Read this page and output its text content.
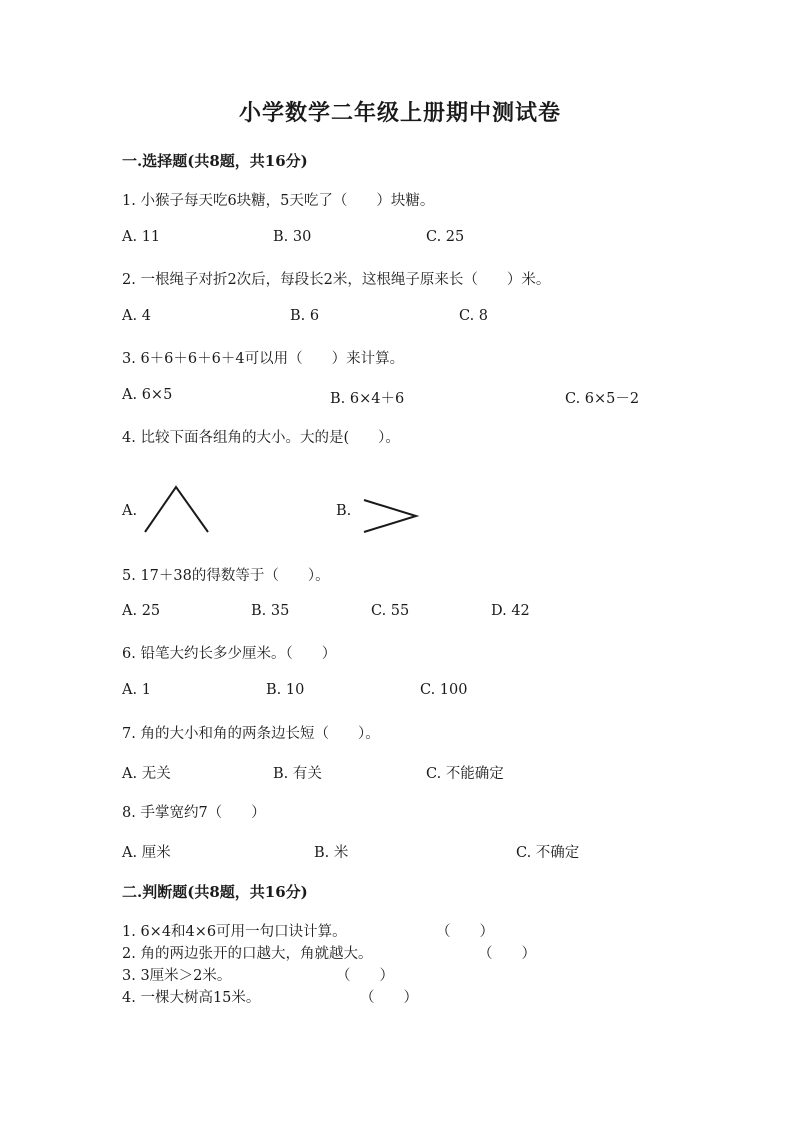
小学数学二年级上册期中测试卷
一.选择题(共8题，共16分)
1. 小猴子每天吃6块糖，5天吃了（　　）块糖。
A. 11	B. 30	C. 25
2. 一根绳子对折2次后，每段长2米，这根绳子原来长（　　）米。
A. 4	B. 6	C. 8
3. 6＋6＋6＋6＋4可以用（　　）来计算。
A. 6×5	B. 6×4＋6	C. 6×5－2
4. 比较下面各组角的大小。大的是(　　）。
A.	B.
5. 17＋38的得数等于（　　）。
A. 25	B. 35	C. 55	D. 42
6. 铅笔大约长多少厘米。（　　）
A. 1	B. 10	C. 100
7. 角的大小和角的两条边长短（　　）。
A. 无关	B. 有关	C. 不能确定
8. 手掌宽约7（　　）
A. 厘米	B. 米	C. 不确定
二.判断题(共8题，共16分)
1. 6×4和4×6可用一句口诀计算。	（　　）
2. 角的两边张开的口越大，角就越大。	（　　）
3. 3厘米＞2米。	（　　）
4. 一棵大树高15米。	（　　）
